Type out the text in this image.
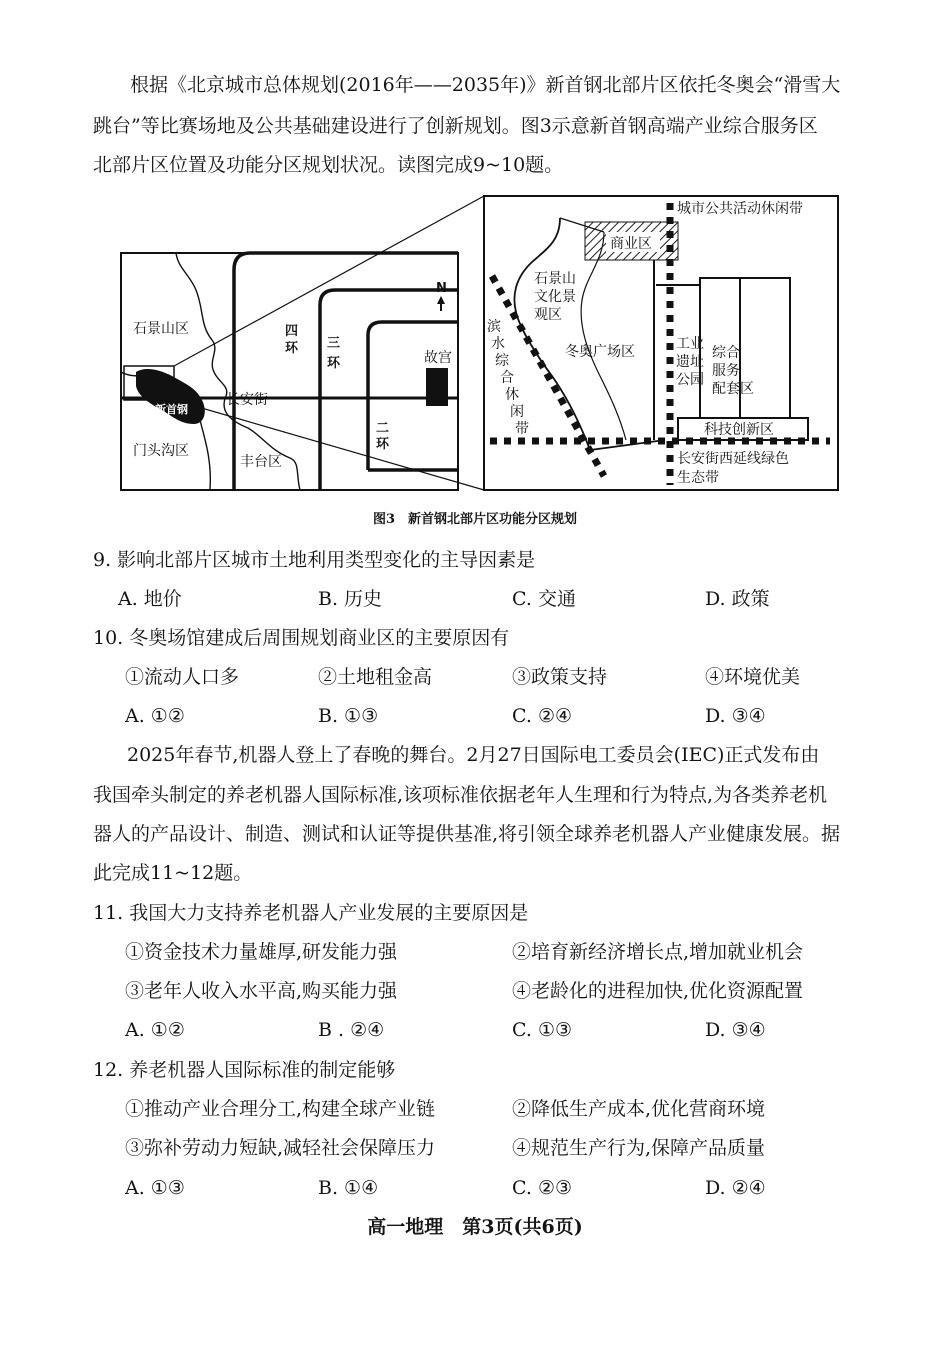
根据《北京城市总体规划(2016年——2035年)》新首钢北部片区依托冬奥会“滑雪大
跳台”等比赛场地及公共基础建设进行了创新规划。图3示意新首钢高端产业综合服务区
北部片区位置及功能分区规划状况。读图完成9~10题。
N
石景山区
门头沟区
丰台区
长安街
故宫
新首钢
四
环 三
环
二
环
商业区
城市公共活动休闲带
石景山
文化景
观区
冬奥广场区	工业
遗址
公园
综合
服务
配套区
科技创新区
长安街西延线绿色
生态带
滨
水
综
合
休
闲
带
图3　新首钢北部片区功能分区规划
9. 影响北部片区城市土地利用类型变化的主导因素是
A. 地价	B. 历史	C. 交通	D. 政策
10. 冬奥场馆建成后周围规划商业区的主要原因有
①流动人口多	②土地租金高	③政策支持	④环境优美
A. ①②	B. ①③	C. ②④	D. ③④
2025年春节,机器人登上了春晚的舞台。2月27日国际电工委员会(IEC)正式发布由
我国牵头制定的养老机器人国际标准,该项标准依据老年人生理和行为特点,为各类养老机
器人的产品设计、制造、测试和认证等提供基准,将引领全球养老机器人产业健康发展。据
此完成11~12题。
11. 我国大力支持养老机器人产业发展的主要原因是
①资金技术力量雄厚,研发能力强	②培育新经济增长点,增加就业机会
③老年人收入水平高,购买能力强	④老龄化的进程加快,优化资源配置
A. ①②	B . ②④	C. ①③	D. ③④
12. 养老机器人国际标准的制定能够
①推动产业合理分工,构建全球产业链	②降低生产成本,优化营商环境
③弥补劳动力短缺,减轻社会保障压力	④规范生产行为,保障产品质量
A. ①③	B. ①④	C. ②③	D. ②④
高一地理　第3页(共6页)
